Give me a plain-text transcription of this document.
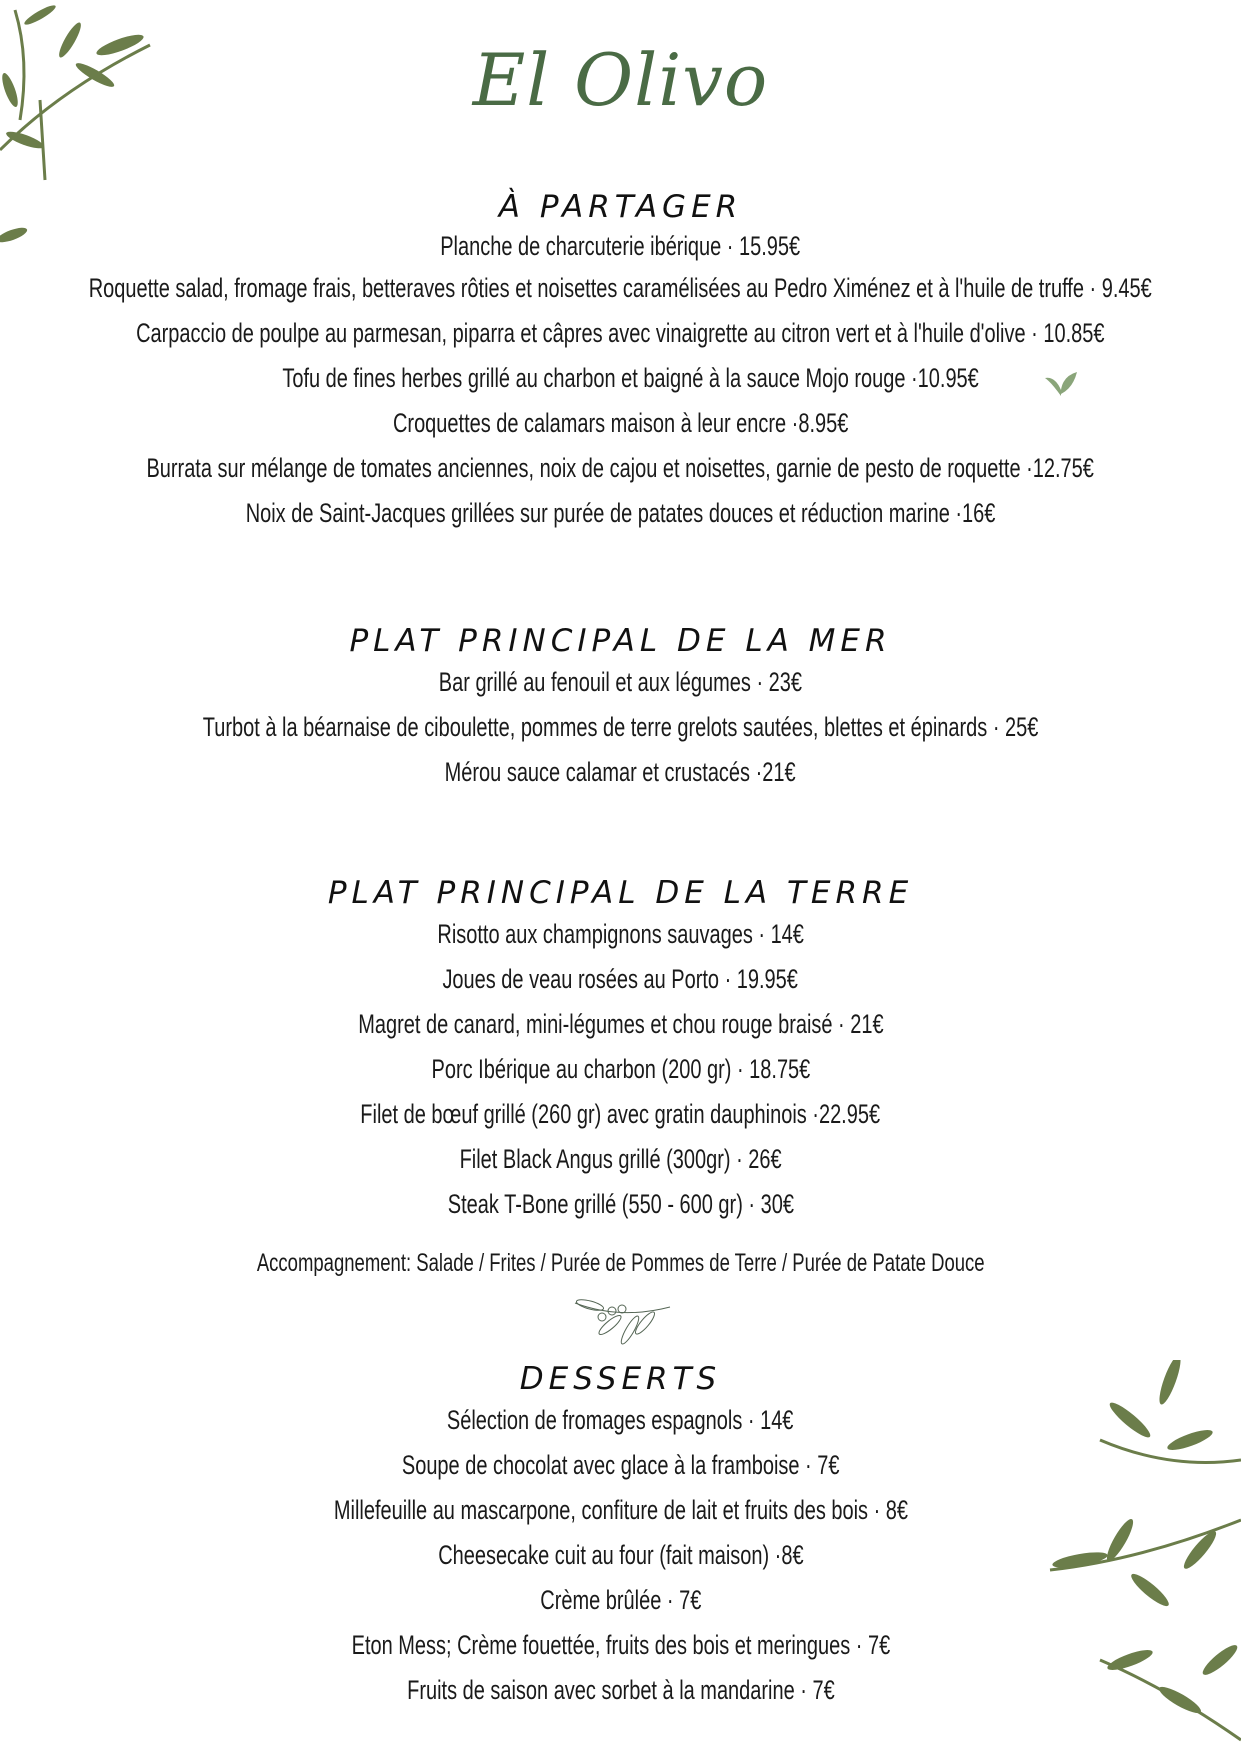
El Olivo
À PARTAGER
Planche de charcuterie ibérique · 15.95€
Roquette salad, fromage frais, betteraves rôties et noisettes caramélisées au Pedro Ximénez et à l'huile de truffe · 9.45€
Carpaccio de poulpe au parmesan, piparra et câpres avec vinaigrette au citron vert et à l'huile d'olive · 10.85€
Tofu de fines herbes grillé au charbon et baigné à la sauce Mojo rouge ·10.95€
Croquettes de calamars maison à leur encre ·8.95€
Burrata sur mélange de tomates anciennes, noix de cajou et noisettes, garnie de pesto de roquette ·12.75€
Noix de Saint-Jacques grillées sur purée de patates douces et réduction marine ·16€
PLAT PRINCIPAL DE LA MER
Bar grillé au fenouil et aux légumes · 23€
Turbot à la béarnaise de ciboulette, pommes de terre grelots sautées, blettes et épinards · 25€
Mérou sauce calamar et crustacés ·21€
PLAT PRINCIPAL DE LA TERRE
Risotto aux champignons sauvages · 14€
Joues de veau rosées au Porto · 19.95€
Magret de canard, mini-légumes et chou rouge braisé · 21€
Porc Ibérique au charbon (200 gr) · 18.75€
Filet de bœuf grillé (260 gr) avec gratin dauphinois ·22.95€
Filet Black Angus grillé (300gr) · 26€
Steak T-Bone grillé (550 - 600 gr) · 30€
Accompagnement: Salade / Frites / Purée de Pommes de Terre / Purée de Patate Douce
DESSERTS
Sélection de fromages espagnols · 14€
Soupe de chocolat avec glace à la framboise · 7€
Millefeuille au mascarpone, confiture de lait et fruits des bois · 8€
Cheesecake cuit au four (fait maison) ·8€
Crème brûlée · 7€
Eton Mess; Crème fouettée, fruits des bois et meringues · 7€
Fruits de saison avec sorbet à la mandarine · 7€
